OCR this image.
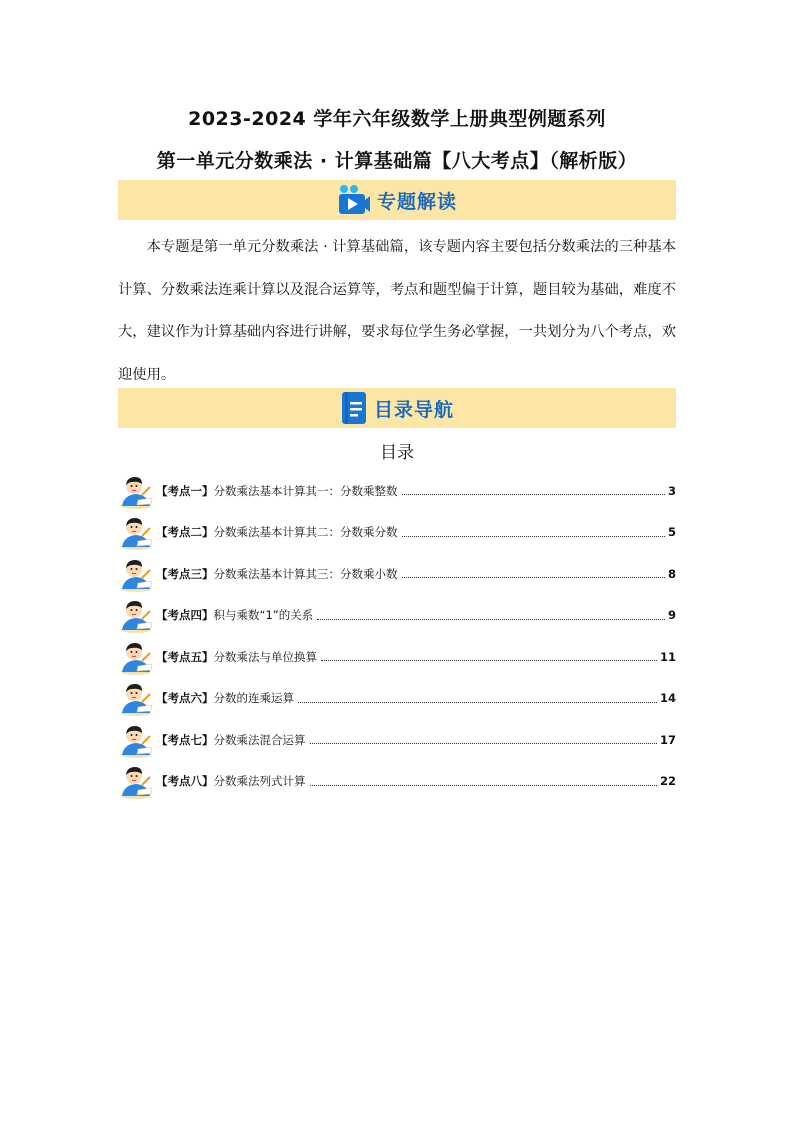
2023-2024 学年六年级数学上册典型例题系列
第一单元分数乘法 · 计算基础篇【八大考点】（解析版）
专题解读

本专题是第一单元分数乘法 · 计算基础篇，该专题内容主要包括分数乘法的三种基本计算、分数乘法连乘计算以及混合运算等，考点和题型偏于计算，题目较为基础，难度不大，建议作为计算基础内容进行讲解，要求每位学生务必掌握，一共划分为八个考点，欢迎使用。

目录导航
目录
【考点一】分数乘法基本计算其一：分数乘整数	3
【考点二】分数乘法基本计算其二：分数乘分数	5
【考点三】分数乘法基本计算其三：分数乘小数	8
【考点四】积与乘数“1”的关系	9
【考点五】分数乘法与单位换算	11
【考点六】分数的连乘运算	14
【考点七】分数乘法混合运算	17
【考点八】分数乘法列式计算	22
